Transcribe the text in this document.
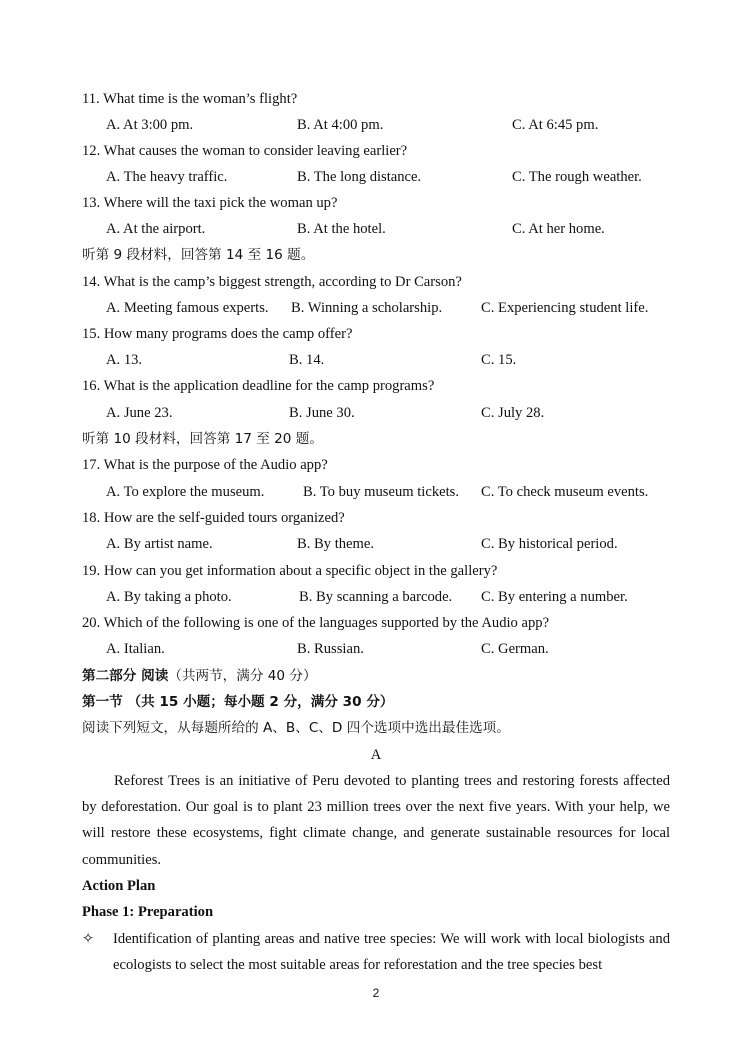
11. What time is the woman’s flight?
A. At 3:00 pm.	B. At 4:00 pm.	C. At 6:45 pm.
12. What causes the woman to consider leaving earlier?
A. The heavy traffic.	B. The long distance.	C. The rough weather.
13. Where will the taxi pick the woman up?
A. At the airport.	B. At the hotel.	C. At her home.
听第 9 段材料，回答第 14 至 16 题。
14. What is the camp’s biggest strength, according to Dr Carson?
A. Meeting famous experts. B. Winning a scholarship.	C. Experiencing student life.
15. How many programs does the camp offer?
A. 13.	B. 14.	C. 15.
16. What is the application deadline for the camp programs?
A. June 23.	B. June 30.	C. July 28.
听第 10 段材料，回答第 17 至 20 题。
17. What is the purpose of the Audio app?
A. To explore the museum.	B. To buy museum tickets. C. To check museum events.
18. How are the self-guided tours organized?
A. By artist name.	B. By theme.	C. By historical period.
19. How can you get information about a specific object in the gallery?
A. By taking a photo.	B. By scanning a barcode. C. By entering a number.
20. Which of the following is one of the languages supported by the Audio app?
A. Italian.	B. Russian.	C. German.
第二部分 阅读（共两节，满分 40 分）
第一节 （共 15 小题；每小题 2 分，满分 30 分）
阅读下列短文，从每题所给的 A、B、C、D 四个选项中选出最佳选项。
A
Reforest Trees is an initiative of Peru devoted to planting trees and restoring forests affected by deforestation. Our goal is to plant 23 million trees over the next five years. With your help, we will restore these ecosystems, fight climate change, and generate sustainable resources for local communities.
Action Plan
Phase 1: Preparation
✧ Identification of planting areas and native tree species: We will work with local biologists and ecologists to select the most suitable areas for reforestation and the tree species best
2
